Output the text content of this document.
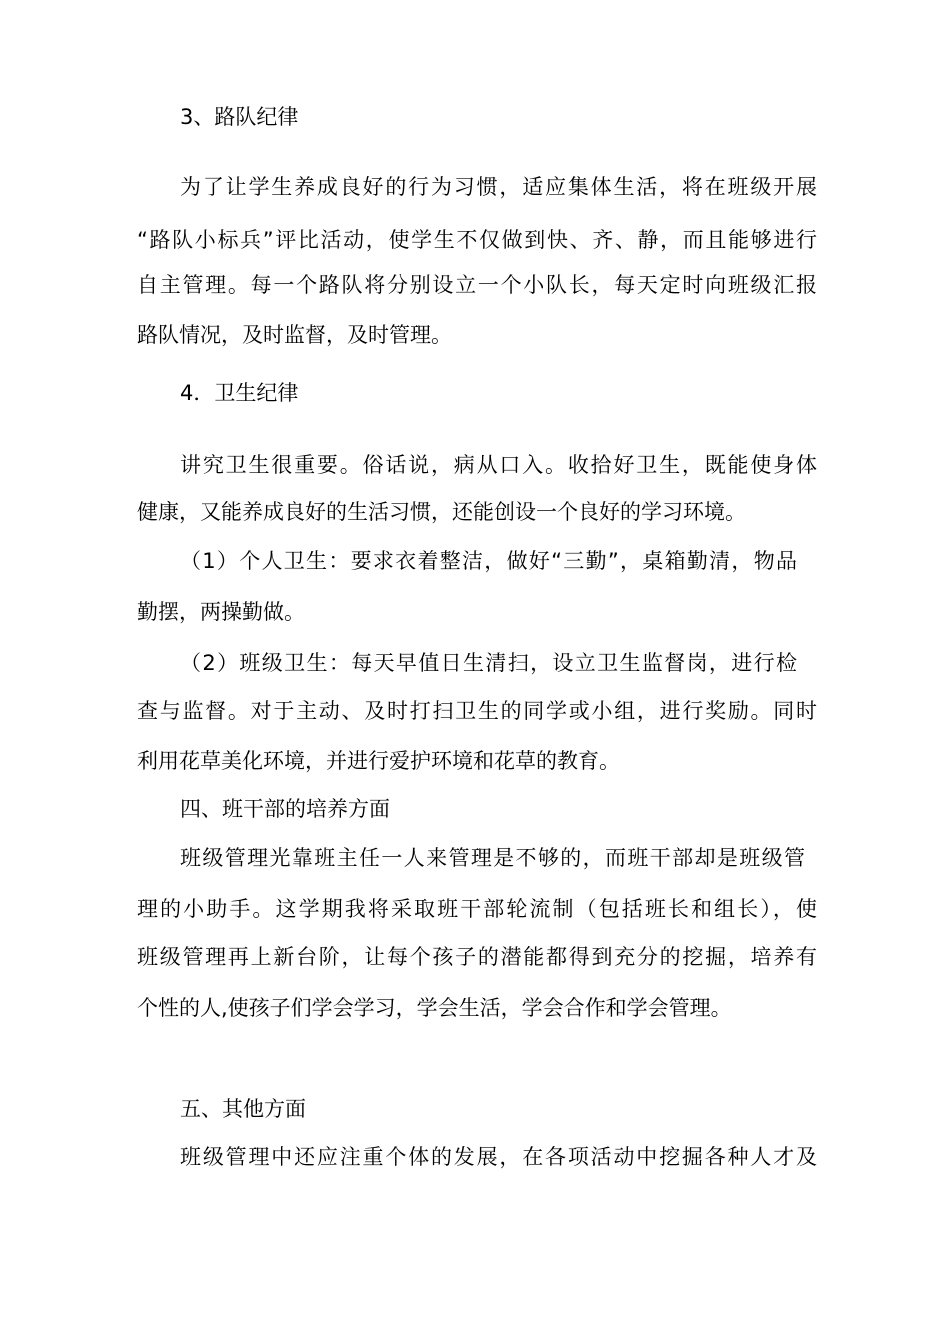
3、路队纪律
为了让学生养成良好的行为习惯，适应集体生活，将在班级开展
“路队小标兵”评比活动，使学生不仅做到快、齐、静，而且能够进行
自主管理。每一个路队将分别设立一个小队长，每天定时向班级汇报
路队情况，及时监督，及时管理。
4．卫生纪律
讲究卫生很重要。俗话说，病从口入。收拾好卫生，既能使身体
健康，又能养成良好的生活习惯，还能创设一个良好的学习环境。
（1）个人卫生：要求衣着整洁，做好“三勤”，桌箱勤清，物品
勤摆，两操勤做。
（2）班级卫生：每天早值日生清扫，设立卫生监督岗，进行检
查与监督。对于主动、及时打扫卫生的同学或小组，进行奖励。同时
利用花草美化环境，并进行爱护环境和花草的教育。
四、班干部的培养方面
班级管理光靠班主任一人来管理是不够的，而班干部却是班级管
理的小助手。这学期我将采取班干部轮流制（包括班长和组长），使
班级管理再上新台阶，让每个孩子的潜能都得到充分的挖掘，培养有
个性的人,使孩子们学会学习，学会生活，学会合作和学会管理。
五、其他方面
班级管理中还应注重个体的发展，在各项活动中挖掘各种人才及
